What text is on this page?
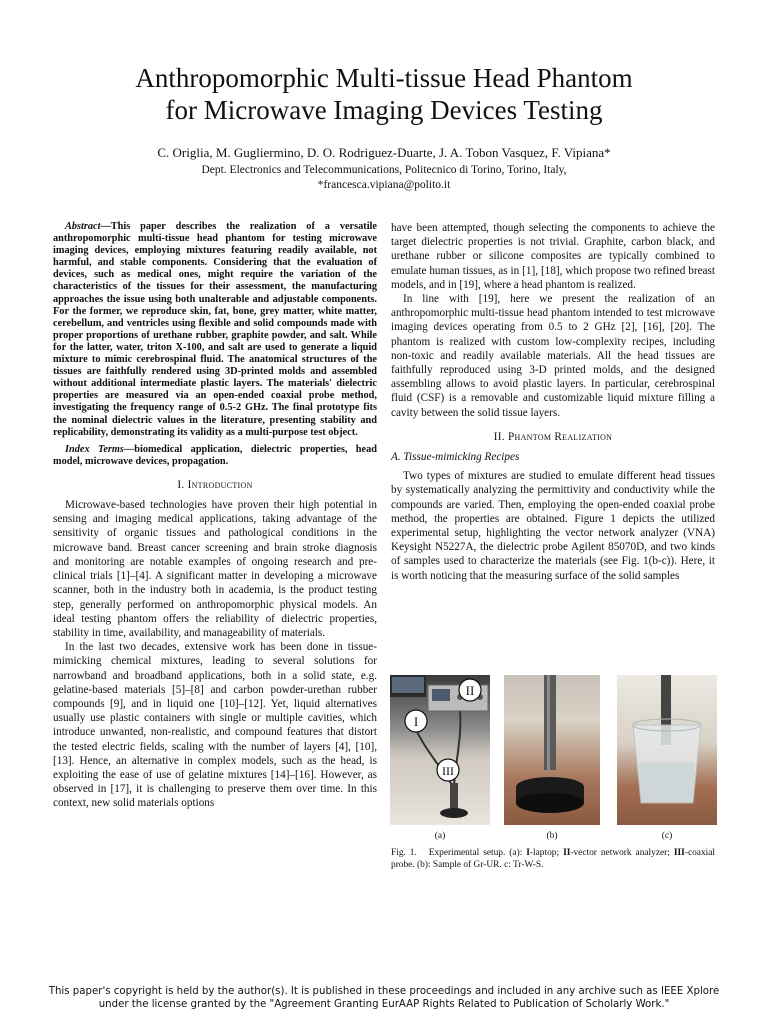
Anthropomorphic Multi-tissue Head Phantom
for Microwave Imaging Devices Testing
C. Origlia, M. Gugliermino, D. O. Rodriguez-Duarte, J. A. Tobon Vasquez, F. Vipiana*
Dept. Electronics and Telecommunications, Politecnico di Torino, Torino, Italy,
*francesca.vipiana@polito.it

Abstract—This paper describes the realization of a versatile anthropomorphic multi-tissue head phantom for testing microwave imaging devices, employing mixtures featuring readily available, not harmful, and stable components. Considering that the evaluation of devices, such as medical ones, might require the variation of the characteristics of the tissues for their assessment, the manufacturing approaches the issue using both unalterable and adjustable components. For the former, we reproduce skin, fat, bone, grey matter, white matter, cerebellum, and ventricles using flexible and solid compounds made with proper proportions of urethane rubber, graphite powder, and salt. While for the latter, water, triton X-100, and salt are used to generate a liquid mixture to mimic cerebrospinal fluid. The anatomical structures of the tissues are faithfully rendered using 3D-printed molds and assembled without additional intermediate plastic layers. The materials' dielectric properties are measured via an open-ended coaxial probe method, investigating the frequency range of 0.5-2 GHz. The final prototype fits the nominal dielectric values in the literature, presenting stability and replicability, demonstrating its validity as a multi-purpose test object.

Index Terms—biomedical application, dielectric properties, head model, microwave devices, propagation.

I. Introduction

Microwave-based technologies have proven their high potential in sensing and imaging medical applications, taking advantage of the sensitivity of organic tissues and pathological conditions in the microwave band. Breast cancer screening and brain stroke diagnosis and monitoring are notable examples of ongoing research and pre-clinical trials [1]–[4]. A significant matter in developing a microwave scanner, both in the industry both in academia, is the product testing step, generally performed on anthropomorphic physical models. An ideal testing phantom offers the reliability of dielectric properties, stability in time, availability, and manageability of materials.

In the last two decades, extensive work has been done in tissue-mimicking chemical mixtures, leading to several solutions for narrowband and broadband applications, both in a solid state, e.g. gelatine-based materials [5]–[8] and carbon powder-urethan rubber compounds [9], and in liquid one [10]–[12]. Yet, liquid alternatives usually use plastic containers with single or multiple cavities, which introduce unwanted, non-realistic, and compound features that distort the tested electric fields, scaling with the number of layers [4], [10], [13]. Hence, an alternative in complex models, such as the head, is exploiting the ease of use of gelatine mixtures [14]–[16]. However, as observed in [17], it is challenging to preserve them over time. In this context, new solid materials options

have been attempted, though selecting the components to achieve the target dielectric properties is not trivial. Graphite, carbon black, and urethane rubber or silicone composites are typically combined to emulate human tissues, as in [1], [18], which propose two refined breast models, and in [19], where a head phantom is realized.

In line with [19], here we present the realization of an anthropomorphic multi-tissue head phantom intended to test microwave imaging devices operating from 0.5 to 2 GHz [2], [16], [20]. The phantom is realized with custom low-complexity recipes, including non-toxic and readily available materials. All the head tissues are faithfully reproduced using 3-D printed molds, and the designed assembling allows to avoid plastic layers. In particular, cerebrospinal fluid (CSF) is a removable and customizable liquid mixture filling a cavity between the solid tissue layers.

II. Phantom Realization

A. Tissue-mimicking Recipes

Two types of mixtures are studied to emulate different head tissues by systematically analyzing the permittivity and conductivity while the compounds are varied. Then, employing the open-ended coaxial probe method, the properties are obtained. Figure 1 depicts the utilized experimental setup, highlighting the vector network analyzer (VNA) Keysight N5227A, the dielectric probe Agilent 85070D, and two kinds of samples used to characterize the materials (see Fig. 1(b-c)). Here, it is worth noticing that the measuring surface of the solid samples

II
I
III
(a)	(b)	(c)
Fig. 1. Experimental setup. (a): I-laptop; II-vector network analyzer; III-coaxial probe. (b): Sample of Gr-UR. c: Tr-W-S.
This paper's copyright is held by the author(s). It is published in these proceedings and included in any archive such as IEEE Xplore
under the license granted by the "Agreement Granting EurAAP Rights Related to Publication of Scholarly Work."
